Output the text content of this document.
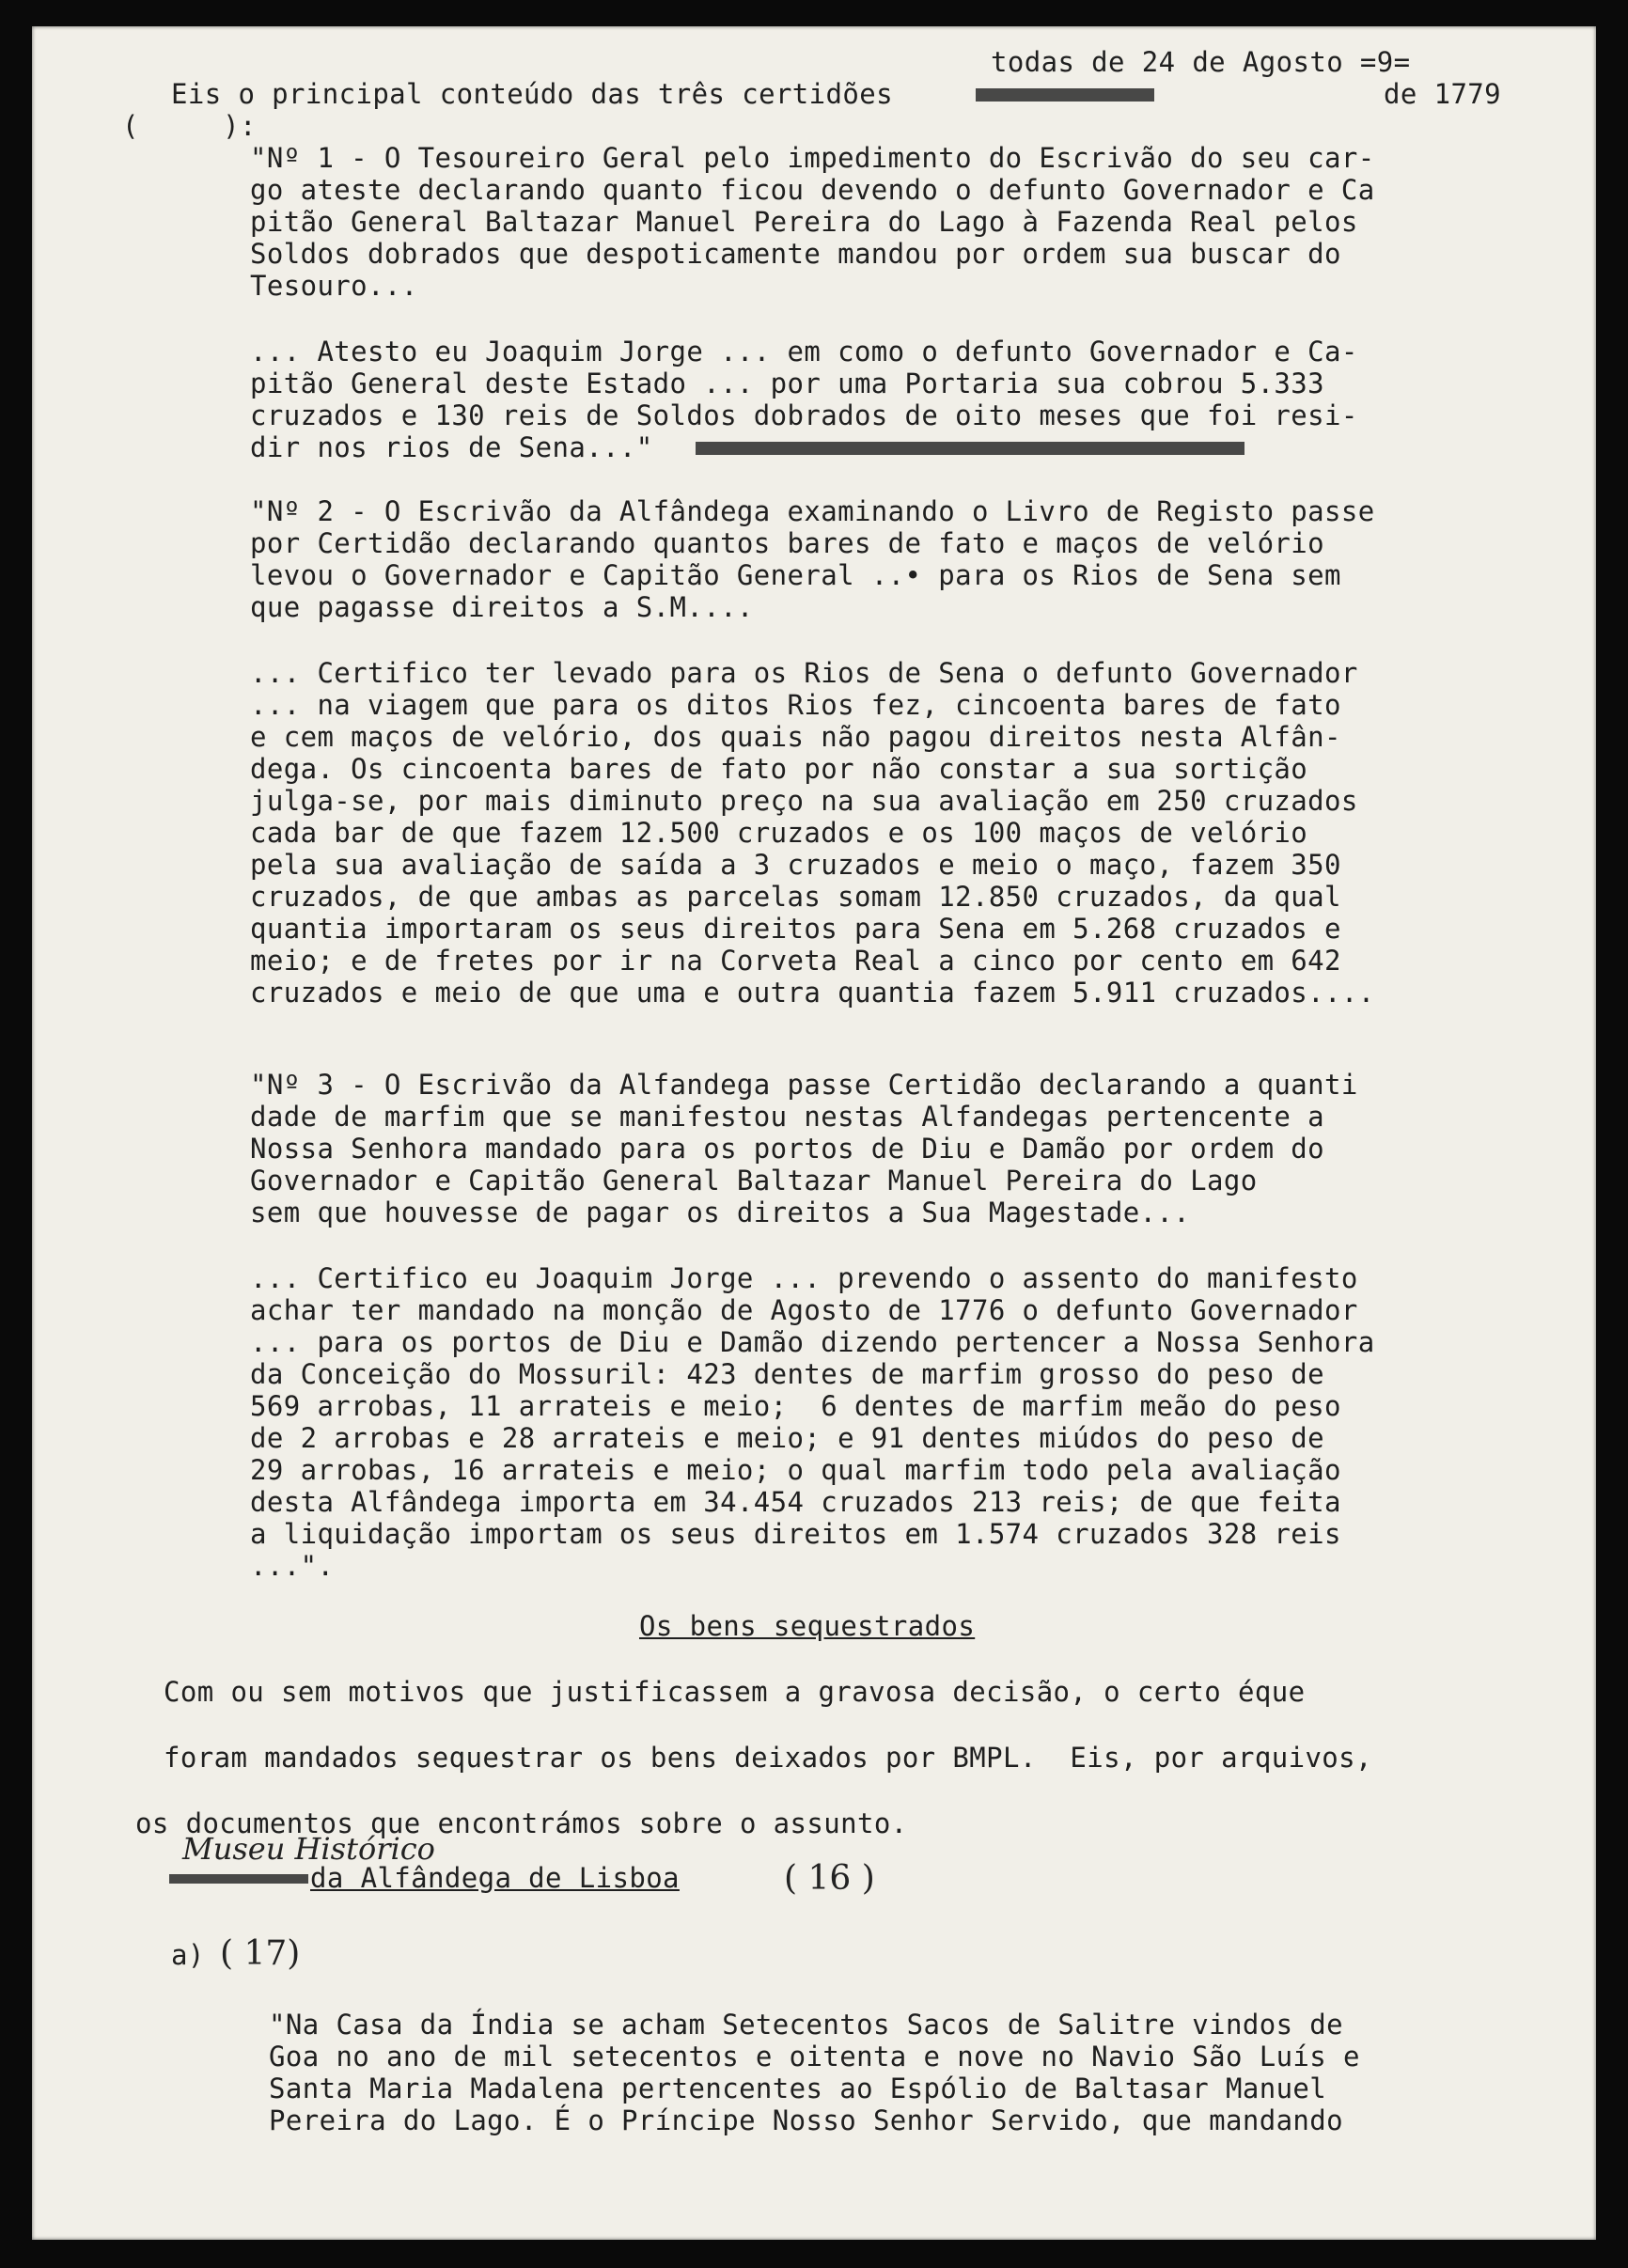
todas de 24 de Agosto =9=
Eis o principal conteúdo das três certidões	de 1779
(     ):
"Nº 1 - O Tesoureiro Geral pelo impedimento do Escrivão do seu car-
go ateste declarando quanto ficou devendo o defunto Governador e Ca
pitão General Baltazar Manuel Pereira do Lago à Fazenda Real pelos
Soldos dobrados que despoticamente mandou por ordem sua buscar do
Tesouro...
... Atesto eu Joaquim Jorge ... em como o defunto Governador e Ca-
pitão General deste Estado ... por uma Portaria sua cobrou 5.333
cruzados e 130 reis de Soldos dobrados de oito meses que foi resi-
dir nos rios de Sena..."
"Nº 2 - O Escrivão da Alfândega examinando o Livro de Registo passe
por Certidão declarando quantos bares de fato e maços de velório
levou o Governador e Capitão General ..• para os Rios de Sena sem
que pagasse direitos a S.M....
... Certifico ter levado para os Rios de Sena o defunto Governador
... na viagem que para os ditos Rios fez, cincoenta bares de fato
e cem maços de velório, dos quais não pagou direitos nesta Alfân-
dega. Os cincoenta bares de fato por não constar a sua sortição
julga-se, por mais diminuto preço na sua avaliação em 250 cruzados
cada bar de que fazem 12.500 cruzados e os 100 maços de velório
pela sua avaliação de saída a 3 cruzados e meio o maço, fazem 350
cruzados, de que ambas as parcelas somam 12.850 cruzados, da qual
quantia importaram os seus direitos para Sena em 5.268 cruzados e
meio; e de fretes por ir na Corveta Real a cinco por cento em 642
cruzados e meio de que uma e outra quantia fazem 5.911 cruzados....
"Nº 3 - O Escrivão da Alfandega passe Certidão declarando a quanti
dade de marfim que se manifestou nestas Alfandegas pertencente a
Nossa Senhora mandado para os portos de Diu e Damão por ordem do
Governador e Capitão General Baltazar Manuel Pereira do Lago
sem que houvesse de pagar os direitos a Sua Magestade...
... Certifico eu Joaquim Jorge ... prevendo o assento do manifesto
achar ter mandado na monção de Agosto de 1776 o defunto Governador
... para os portos de Diu e Damão dizendo pertencer a Nossa Senhora
da Conceição do Mossuril: 423 dentes de marfim grosso do peso de
569 arrobas, 11 arrateis e meio;  6 dentes de marfim meão do peso
de 2 arrobas e 28 arrateis e meio; e 91 dentes miúdos do peso de
29 arrobas, 16 arrateis e meio; o qual marfim todo pela avaliação
desta Alfândega importa em 34.454 cruzados 213 reis; de que feita
a liquidação importam os seus direitos em 1.574 cruzados 328 reis
...".
Os bens sequestrados
Com ou sem motivos que justificassem a gravosa decisão, o certo éque
foram mandados sequestrar os bens deixados por BMPL.  Eis, por arquivos,
os documentos que encontrámos sobre o assunto.
Museu Histórico
da Alfândega de Lisboa	( 16 )
a) ( 17)
"Na Casa da Índia se acham Setecentos Sacos de Salitre vindos de
Goa no ano de mil setecentos e oitenta e nove no Navio São Luís e
Santa Maria Madalena pertencentes ao Espólio de Baltasar Manuel
Pereira do Lago. É o Príncipe Nosso Senhor Servido, que mandando
